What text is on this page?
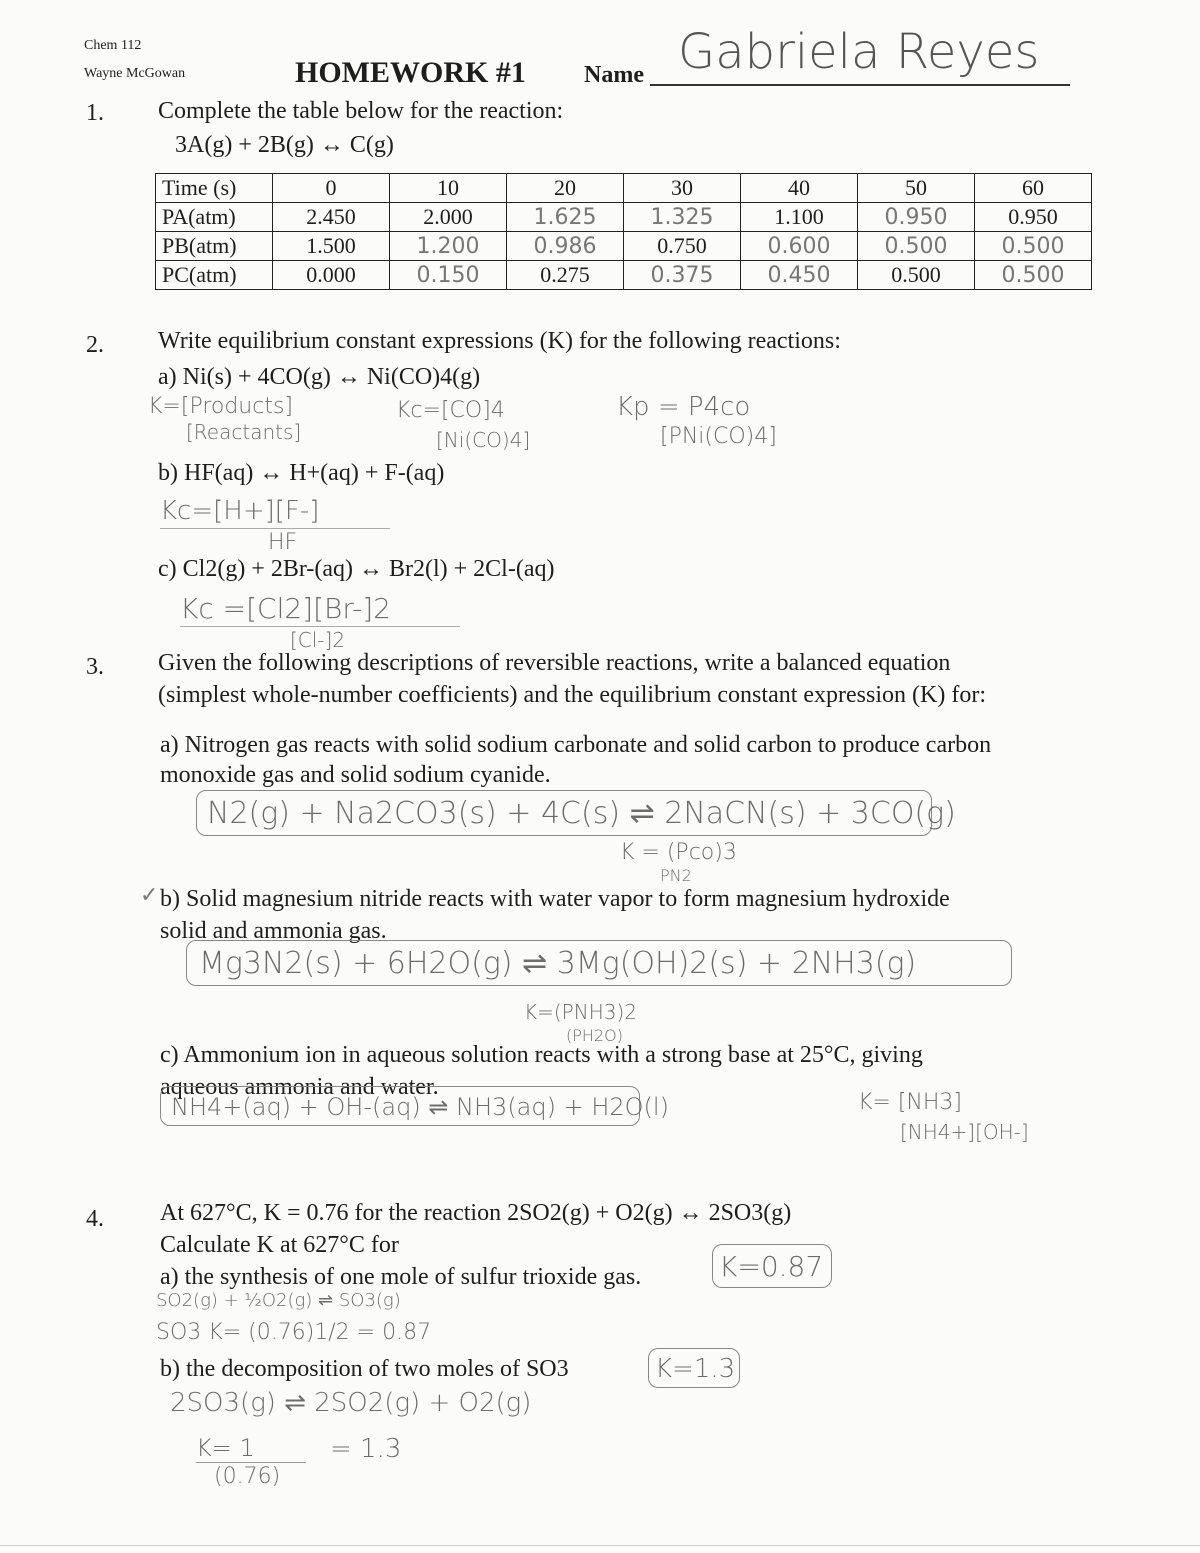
Chem 112
Wayne McGowan	HOMEWORK #1 Name Gabriela Reyes
1. Complete the table below for the reaction:
3A(g) + 2B(g) ↔ C(g)
Time (s)	0	10	20	30	40	50	60
PA(atm)	2.450	2.000	1.625	1.325	1.100	0.950	0.950
PB(atm)	1.500	1.200	0.986	0.750	0.600	0.500	0.500
PC(atm)	0.000	0.150	0.275	0.375	0.450	0.500	0.500
2. Write equilibrium constant expressions (K) for the following reactions:
a) Ni(s) + 4CO(g) ↔ Ni(CO)4(g)
K=[Products]
[Reactants]
Kc=[CO]4
[Ni(CO)4]
Kp = P4co
[PNi(CO)4]
b) HF(aq) ↔ H+(aq) + F-(aq)
Kc=[H+][F-]
HF
c) Cl2(g) + 2Br-(aq) ↔ Br2(l) + 2Cl-(aq)
Kc =[Cl2][Br-]2
[Cl-]2
3. Given the following descriptions of reversible reactions, write a balanced equation
(simplest whole-number coefficients) and the equilibrium constant expression (K) for:
a) Nitrogen gas reacts with solid sodium carbonate and solid carbon to produce carbon
monoxide gas and solid sodium cyanide.
N2(g) + Na2CO3(s) + 4C(s) ⇌ 2NaCN(s) + 3CO(g)
K = (Pco)3
PN2
✓ b) Solid magnesium nitride reacts with water vapor to form magnesium hydroxide
solid and ammonia gas.
Mg3N2(s) + 6H2O(g) ⇌ 3Mg(OH)2(s) + 2NH3(g)
K=(PNH3)2
(PH2O)
c) Ammonium ion in aqueous solution reacts with a strong base at 25°C, giving
aqueous ammonia and water.
NH4+(aq) + OH-(aq) ⇌ NH3(aq) + H2O(l)	K= [NH3]
[NH4+][OH-]
4. At 627°C, K = 0.76 for the reaction 2SO2(g) + O2(g) ↔ 2SO3(g)
Calculate K at 627°C for
a) the synthesis of one mole of sulfur trioxide gas.	K=0.87
SO2(g) + ½O2(g) ⇌ SO3(g)
SO3 K= (0.76)1/2 = 0.87
b) the decomposition of two moles of SO3	K=1.3
2SO3(g) ⇌ 2SO2(g) + O2(g)
K= 1
(0.76)
= 1.3
